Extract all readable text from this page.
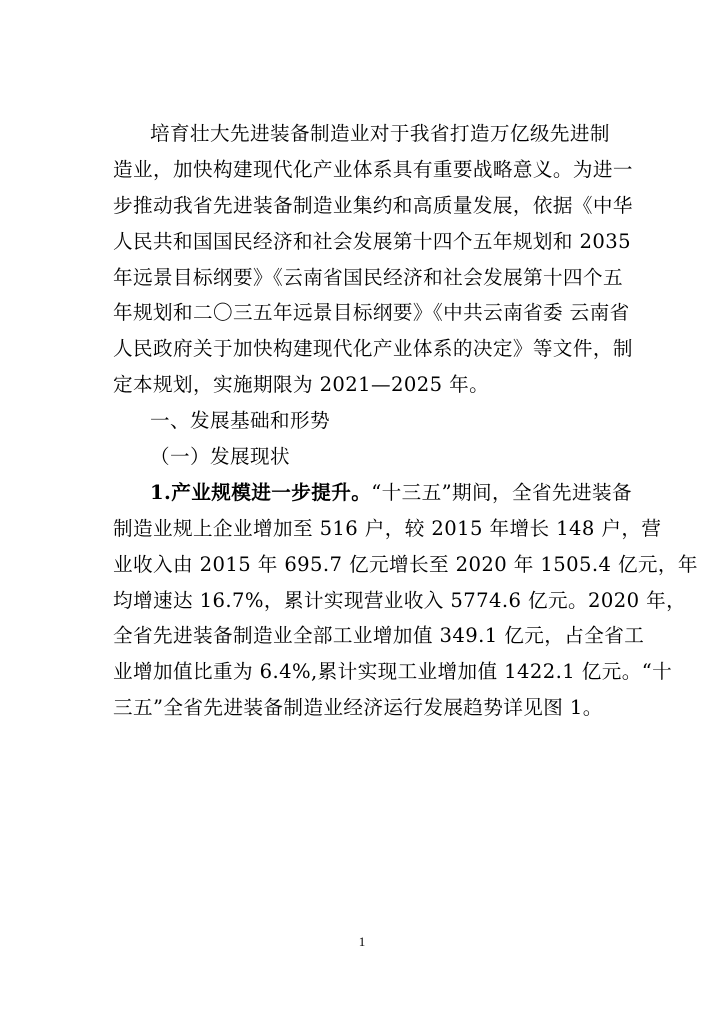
培育壮大先进装备制造业对于我省打造万亿级先进制
造业，加快构建现代化产业体系具有重要战略意义。为进一
步推动我省先进装备制造业集约和高质量发展，依据《中华
人民共和国国民经济和社会发展第十四个五年规划和 2035
年远景目标纲要》《云南省国民经济和社会发展第十四个五
年规划和二〇三五年远景目标纲要》《中共云南省委 云南省
人民政府关于加快构建现代化产业体系的决定》等文件，制
定本规划，实施期限为 2021—2025 年。
一、发展基础和形势
（一）发展现状
1.产业规模进一步提升。“十三五”期间，全省先进装备
制造业规上企业增加至 516 户，较 2015 年增长 148 户，营
业收入由 2015 年 695.7 亿元增长至 2020 年 1505.4 亿元，年
均增速达 16.7%，累计实现营业收入 5774.6 亿元。2020 年，
全省先进装备制造业全部工业增加值 349.1 亿元，占全省工
业增加值比重为 6.4%,累计实现工业增加值 1422.1 亿元。“十
三五”全省先进装备制造业经济运行发展趋势详见图 1。
1
